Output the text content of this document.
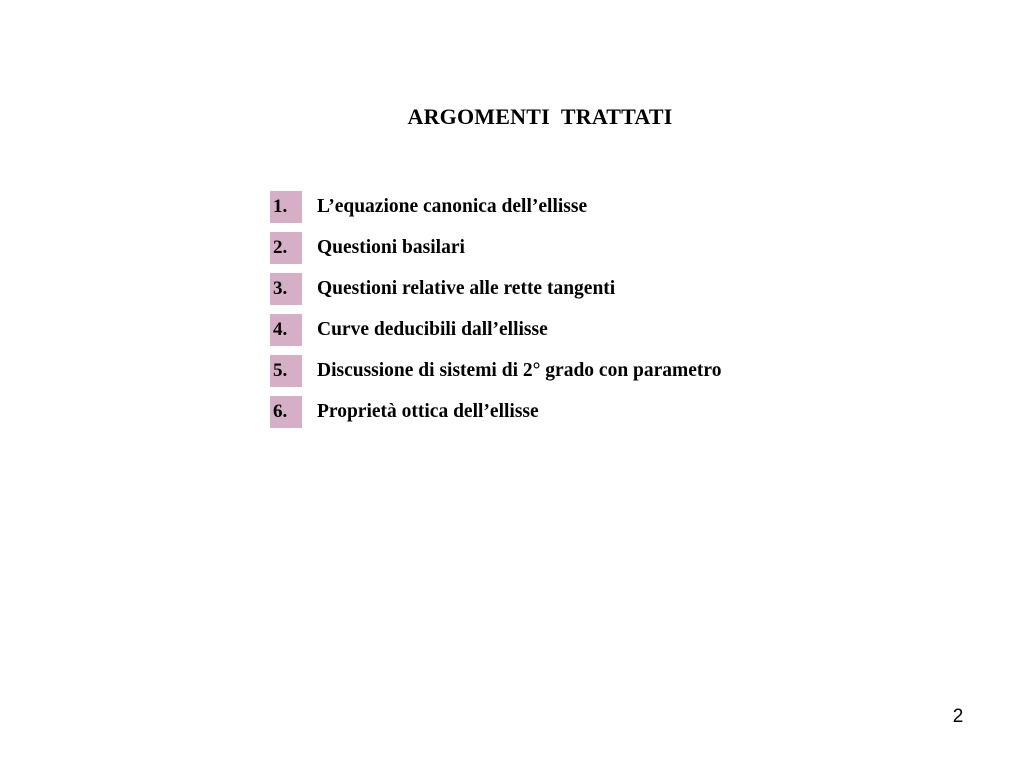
ARGOMENTI  TRATTATI
1.	L’equazione canonica dell’ellisse
2.	Questioni basilari
3.	Questioni relative alle rette tangenti
4.	Curve deducibili dall’ellisse
5.	Discussione di sistemi di 2° grado con parametro
6.	Proprietà ottica dell’ellisse
2
